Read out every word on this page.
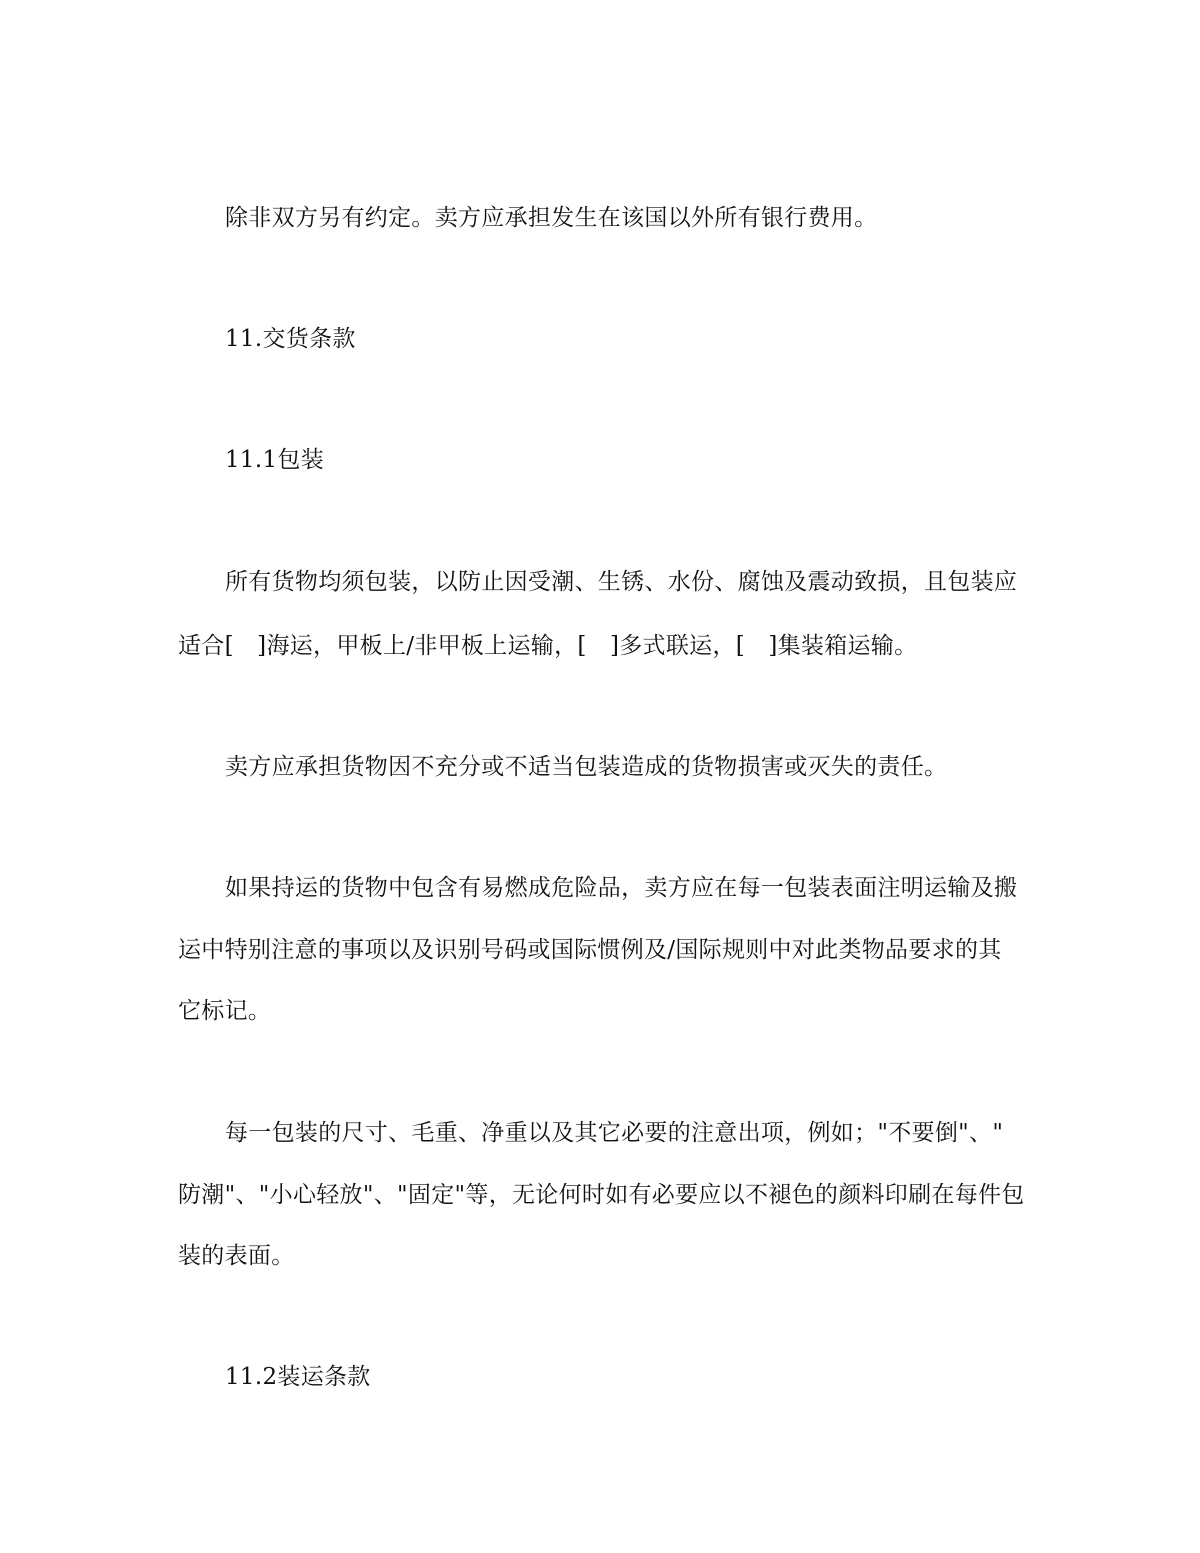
除非双方另有约定。卖方应承担发生在该国以外所有银行费用。
11.交货条款
11.1包装
所有货物均须包装，以防止因受潮、生锈、水份、腐蚀及震动致损，且包装应
适合[　]海运，甲板上/非甲板上运输，[　]多式联运，[　]集装箱运输。
卖方应承担货物因不充分或不适当包装造成的货物损害或灭失的责任。
如果持运的货物中包含有易燃成危险品，卖方应在每一包装表面注明运输及搬
运中特别注意的事项以及识别号码或国际惯例及/国际规则中对此类物品要求的其
它标记。
每一包装的尺寸、毛重、净重以及其它必要的注意出项，例如；"不要倒"、"
防潮"、"小心轻放"、"固定"等，无论何时如有必要应以不褪色的颜料印刷在每件包
装的表面。
11.2装运条款
